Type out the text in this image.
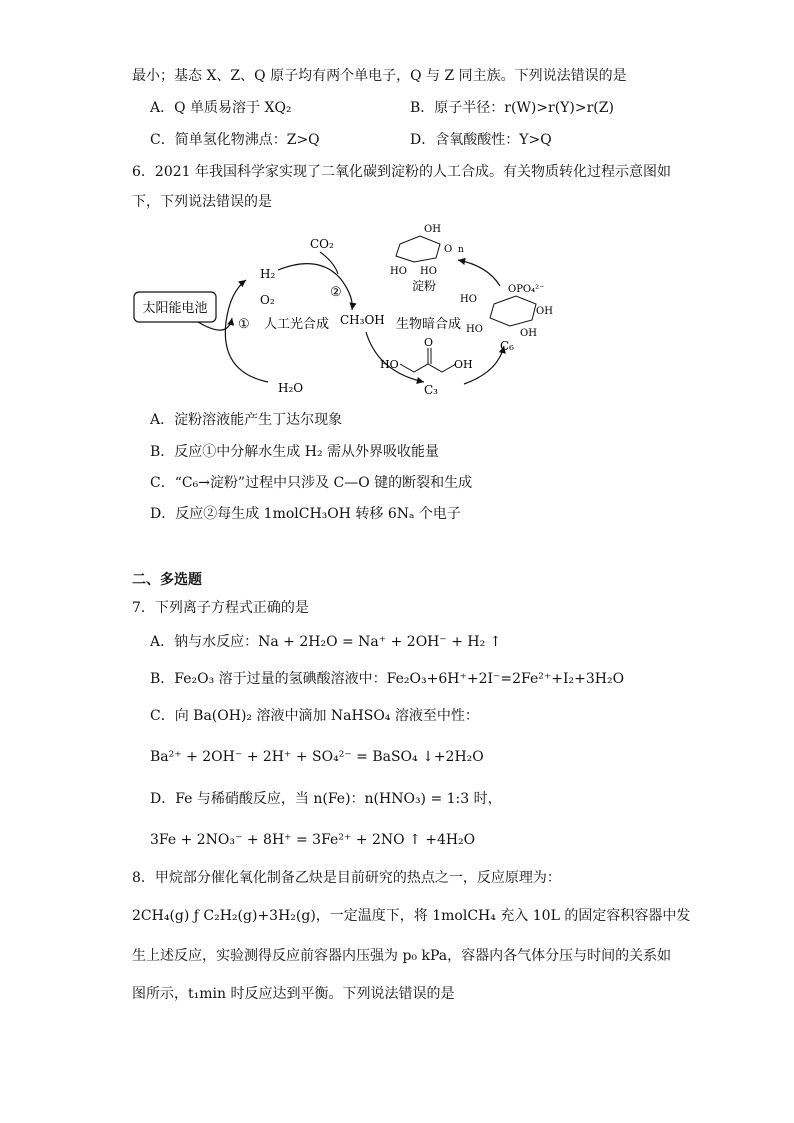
最小；基态 X、Z、Q 原子均有两个单电子，Q 与 Z 同主族。下列说法错误的是
A．Q 单质易溶于 XQ₂	B．原子半径：r(W)>r(Y)>r(Z)
C．简单氢化物沸点：Z>Q	D．含氧酸酸性：Y>Q
6．2021 年我国科学家实现了二氧化碳到淀粉的人工合成。有关物质转化过程示意图如
下，下列说法错误的是
太阳能电池
H₂
O₂
H₂O
① 人工光合成
CO₂
②
CH₃OH
O
HO	OH
C₃
生物暗合成
OPO₄²⁻
HO
HO
OH
OH
C₆
OH
O
HO HO
n
淀粉
A．淀粉溶液能产生丁达尔现象
B．反应①中分解水生成 H₂ 需从外界吸收能量
C．“C₆→淀粉”过程中只涉及 C—O 键的断裂和生成
D．反应②每生成 1molCH₃OH 转移 6Nₐ 个电子
二、多选题
7．下列离子方程式正确的是
A．钠与水反应：Na + 2H₂O = Na⁺ + 2OH⁻ + H₂ ↑
B．Fe₂O₃ 溶于过量的氢碘酸溶液中：Fe₂O₃+6H⁺+2I⁻=2Fe²⁺+I₂+3H₂O
C．向 Ba(OH)₂ 溶液中滴加 NaHSO₄ 溶液至中性：
Ba²⁺ + 2OH⁻ + 2H⁺ + SO₄²⁻ = BaSO₄ ↓+2H₂O
D．Fe 与稀硝酸反应，当 n(Fe)：n(HNO₃) = 1:3 时，
3Fe + 2NO₃⁻ + 8H⁺ = 3Fe²⁺ + 2NO ↑ +4H₂O
8．甲烷部分催化氧化制备乙炔是目前研究的热点之一，反应原理为：
2CH₄(g) ƒ C₂H₂(g)+3H₂(g)，一定温度下，将 1molCH₄ 充入 10L 的固定容积容器中发
生上述反应，实验测得反应前容器内压强为 p₀ kPa，容器内各气体分压与时间的关系如
图所示，t₁min 时反应达到平衡。下列说法错误的是
